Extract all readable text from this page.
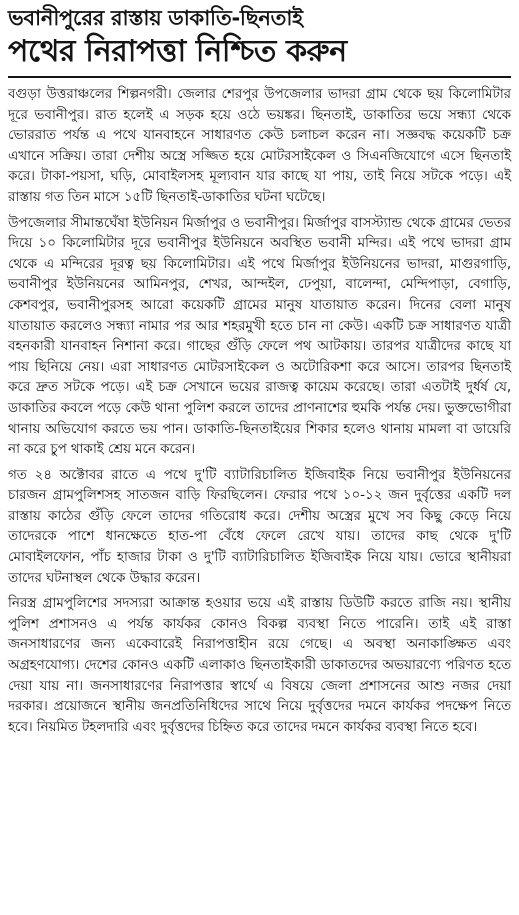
ভবানীপুরের রাস্তায় ডাকাতি-ছিনতাই
পথের নিরাপত্তা নিশ্চিত করুন

বগুড়া উত্তরাঞ্চলের শিল্পনগরী। জেলার শেরপুর উপজেলার ভাদরা গ্রাম থেকে ছয় কিলোমিটার দূরে ভবানীপুর। রাত হলেই এ সড়ক হয়ে ওঠে ভয়ঙ্কর। ছিনতাই, ডাকাতির ভয়ে সন্ধ্যা থেকে ভোররাত পর্যন্ত এ পথে যানবাহনে সাধারণত কেউ চলাচল করেন না। সজ্ঞবদ্ধ কয়েকটি চক্র এখানে সক্রিয়। তারা দেশীয় অস্ত্রে সজ্জিত হয়ে মোটরসাইকেল ও সিএনজিযোগে এসে ছিনতাই করে। টাকা-পয়সা, ঘড়ি, মোবাইলসহ মূল্যবান যার কাছে যা পায়, তাই নিয়ে সটকে পড়ে। এই রাস্তায় গত তিন মাসে ১৫টি ছিনতাই-ডাকাতির ঘটনা ঘটেছে।

উপজেলার সীমান্তঘেঁষা ইউনিয়ন মির্জাপুর ও ভবানীপুর। মির্জাপুর বাসস্ট্যান্ড থেকে গ্রামের ভেতর দিয়ে ১০ কিলোমিটার দূরে ভবানীপুর ইউনিয়নে অবস্থিত ভবানী মন্দির। এই পথে ভাদরা গ্রাম থেকে এ মন্দিরের দূরত্ব ছয় কিলোমিটার। এই পথে মির্জাপুর ইউনিয়নের ভাদরা, মাগুরগাড়ি, ভবানীপুর ইউনিয়নের আমিনপুর, শেখর, আন্দইল, ঢেপুয়া, বালেন্দা, মেন্দিপাড়া, বেগাড়ি, কেশবপুর, ভবানীপুরসহ আরো কয়েকটি গ্রামের মানুষ যাতায়াত করেন। দিনের বেলা মানুষ যাতায়াত করলেও সন্ধ্যা নামার পর আর শহরমুখী হতে চান না কেউ। একটি চক্র সাধারণত যাত্রী বহনকারী যানবাহন নিশানা করে। গাছের গুঁড়ি ফেলে পথ আটকায়। তারপর যাত্রীদের কাছে যা পায় ছিনিয়ে নেয়। এরা সাধারণত মোটরসাইকেল ও অটোরিকশা করে আসে। তারপর ছিনতাই করে দ্রুত সটকে পড়ে। এই চক্র সেখানে ভয়ের রাজত্ব কায়েম করেছে। তারা এতটাই দুর্ধর্ষ যে, ডাকাতির কবলে পড়ে কেউ থানা পুলিশ করলে তাদের প্রাণনাশের হুমকি পর্যন্ত দেয়। ভুক্তভোগীরা থানায় অভিযোগ করতে ভয় পান। ডাকাতি-ছিনতাইয়ের শিকার হলেও থানায় মামলা বা ডায়েরি না করে চুপ থাকাই শ্রেয় মনে করেন।

গত ২৪ অক্টোবর রাতে এ পথে দু'টি ব্যাটারিচালিত ইজিবাইক নিয়ে ভবানীপুর ইউনিয়নের চারজন গ্রামপুলিশসহ সাতজন বাড়ি ফিরছিলেন। ফেরার পথে ১০-১২ জন দুর্বৃত্তের একটি দল রাস্তায় কাঠের গুঁড়ি ফেলে তাদের গতিরোধ করে। দেশীয় অস্ত্রের মুখে সব কিছু কেড়ে নিয়ে তাদেরকে পাশে ধানক্ষেতে হাত-পা বেঁধে ফেলে রেখে যায়। তাদের কাছ থেকে দু'টি মোবাইলফোন, পাঁচ হাজার টাকা ও দু'টি ব্যাটারিচালিত ইজিবাইক নিয়ে যায়। ভোরে স্থানীয়রা তাদের ঘটনাস্থল থেকে উদ্ধার করেন।

নিরস্ত্র গ্রামপুলিশের সদস্যরা আক্রান্ত হওয়ার ভয়ে এই রাস্তায় ডিউটি করতে রাজি নয়। স্থানীয় পুলিশ প্রশাসনও এ পর্যন্ত কার্যকর কোনও বিকল্প ব্যবস্থা নিতে পারেনি। তাই এই রাস্তা জনসাধারণের জন্য একেবারেই নিরাপত্তাহীন রয়ে গেছে। এ অবস্থা অনাকাঙ্ক্ষিত এবং অগ্রহণযোগ্য। দেশের কোনও একটি এলাকাও ছিনতাইকারী ডাকাতদের অভয়ারণ্যে পরিণত হতে দেয়া যায় না। জনসাধারণের নিরাপত্তার স্বার্থে এ বিষয়ে জেলা প্রশাসনের আশু নজর দেয়া দরকার। প্রয়োজনে স্থানীয় জনপ্রতিনিধিদের সাথে নিয়ে দুর্বৃত্তদের দমনে কার্যকর পদক্ষেপ নিতে হবে। নিয়মিত টহলদারি এবং দুর্বৃত্তদের চিহ্নিত করে তাদের দমনে কার্যকর ব্যবস্থা নিতে হবে।
